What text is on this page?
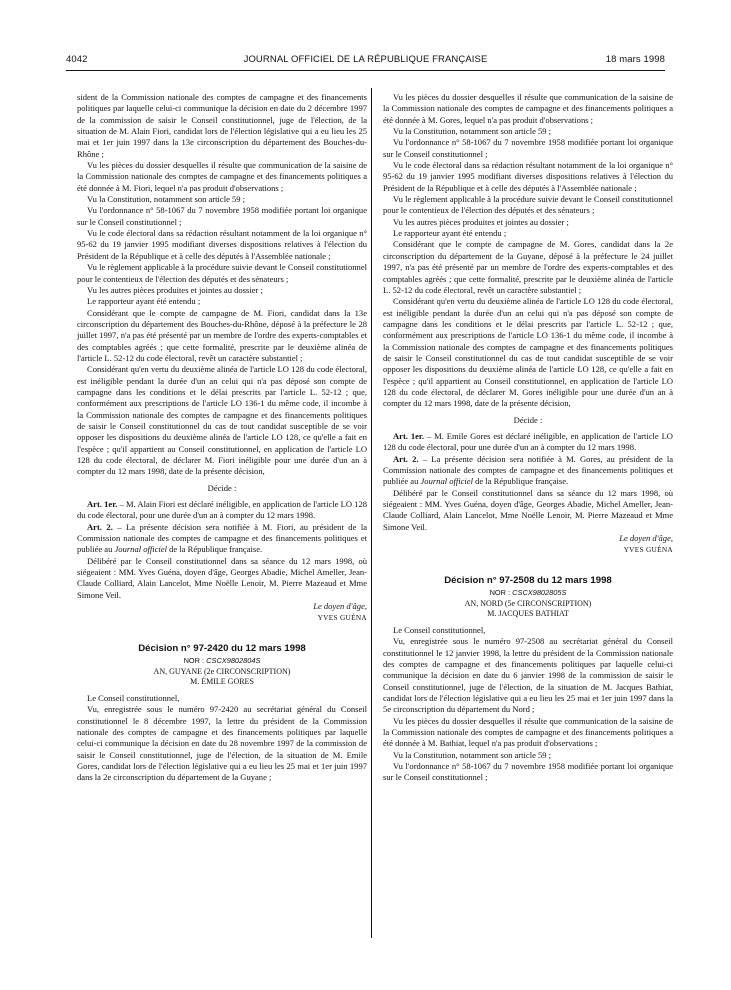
4042	JOURNAL OFFICIEL DE LA RÉPUBLIQUE FRANÇAISE	18 mars 1998

sident de la Commission nationale des comptes de campagne et des financements politiques par laquelle celui-ci communique la décision en date du 2 décembre 1997 de la commission de saisir le Conseil constitutionnel, juge de l'élection, de la situation de M. Alain Fiori, candidat lors de l'élection législative qui a eu lieu les 25 mai et 1er juin 1997 dans la 13e circonscription du département des Bouches-du-Rhône ;

Vu les pièces du dossier desquelles il résulte que communication de la saisine de la Commission nationale des comptes de campagne et des financements politiques a été donnée à M. Fiori, lequel n'a pas produit d'observations ;

Vu la Constitution, notamment son article 59 ;

Vu l'ordonnance n° 58-1067 du 7 novembre 1958 modifiée portant loi organique sur le Conseil constitutionnel ;

Vu le code électoral dans sa rédaction résultant notamment de la loi organique n° 95-62 du 19 janvier 1995 modifiant diverses dispositions relatives à l'élection du Président de la République et à celle des députés à l'Assemblée nationale ;

Vu le règlement applicable à la procédure suivie devant le Conseil constitutionnel pour le contentieux de l'élection des députés et des sénateurs ;

Vu les autres pièces produites et jointes au dossier ;

Le rapporteur ayant été entendu ;

Considérant que le compte de campagne de M. Fiori, candidat dans la 13e circonscription du département des Bouches-du-Rhône, déposé à la préfecture le 28 juillet 1997, n'a pas été présenté par un membre de l'ordre des experts-comptables et des comptables agréés ; que cette formalité, prescrite par le deuxième alinéa de l'article L. 52-12 du code électoral, revêt un caractère substantiel ;

Considérant qu'en vertu du deuxième alinéa de l'article LO 128 du code électoral, est inéligible pendant la durée d'un an celui qui n'a pas déposé son compte de campagne dans les conditions et le délai prescrits par l'article L. 52-12 ; que, conformément aux prescriptions de l'article LO 136-1 du même code, il incombe à la Commission nationale des comptes de campagne et des financements politiques de saisir le Conseil constitutionnel du cas de tout candidat susceptible de se voir opposer les dispositions du deuxième alinéa de l'article LO 128, ce qu'elle a fait en l'espèce ; qu'il appartient au Conseil constitutionnel, en application de l'article LO 128 du code électoral, de déclarer M. Fiori inéligible pour une durée d'un an à compter du 12 mars 1998, date de la présente décision,

Décide :

Art. 1er. – M. Alain Fiori est déclaré inéligible, en application de l'article LO 128 du code électoral, pour une durée d'un an à compter du 12 mars 1998.

Art. 2. – La présente décision sera notifiée à M. Fiori, au président de la Commission nationale des comptes de campagne et des financements politiques et publiée au Journal officiel de la République française.

Délibéré par le Conseil constitutionnel dans sa séance du 12 mars 1998, où siégeaient : MM. Yves Guéna, doyen d'âge, Georges Abadie, Michel Ameller, Jean-Claude Colliard, Alain Lancelot, Mme Noëlle Lenoir, M. Pierre Mazeaud et Mme Simone Veil.

Le doyen d'âge,

YVES GUÉNA

Décision n° 97-2420 du 12 mars 1998

NOR : CSCX9802804S

AN, GUYANE (2e CIRCONSCRIPTION)

M. ÉMILE GORES

Le Conseil constitutionnel,

Vu, enregistrée sous le numéro 97-2420 au secrétariat général du Conseil constitutionnel le 8 décembre 1997, la lettre du président de la Commission nationale des comptes de campagne et des financements politiques par laquelle celui-ci communique la décision en date du 28 novembre 1997 de la commission de saisir le Conseil constitutionnel, juge de l'élection, de la situation de M. Emile Gores, candidat lors de l'élection législative qui a eu lieu les 25 mai et 1er juin 1997 dans la 2e circonscription du département de la Guyane ;

Vu les pièces du dossier desquelles il résulte que communication de la saisine de la Commission nationale des comptes de campagne et des financements politiques a été donnée à M. Gores, lequel n'a pas produit d'observations ;

Vu la Constitution, notamment son article 59 ;

Vu l'ordonnance n° 58-1067 du 7 novembre 1958 modifiée portant loi organique sur le Conseil constitutionnel ;

Vu le code électoral dans sa rédaction résultant notamment de la loi organique n° 95-62 du 19 janvier 1995 modifiant diverses dispositions relatives à l'élection du Président de la République et à celle des députés à l'Assemblée nationale ;

Vu le règlement applicable à la procédure suivie devant le Conseil constitutionnel pour le contentieux de l'élection des députés et des sénateurs ;

Vu les autres pièces produites et jointes au dossier ;

Le rapporteur ayant été entendu ;

Considérant que le compte de campagne de M. Gores, candidat dans la 2e circonscription du département de la Guyane, déposé à la préfecture le 24 juillet 1997, n'a pas été présenté par un membre de l'ordre des experts-comptables et des comptables agréés ; que cette formalité, prescrite par le deuxième alinéa de l'article L. 52-12 du code électoral, revêt un caractère substantiel ;

Considérant qu'en vertu du deuxième alinéa de l'article LO 128 du code électoral, est inéligible pendant la durée d'un an celui qui n'a pas déposé son compte de campagne dans les conditions et le délai prescrits par l'article L. 52-12 ; que, conformément aux prescriptions de l'article LO 136-1 du même code, il incombe à la Commission nationale des comptes de campagne et des financements politiques de saisir le Conseil constitutionnel du cas de tout candidat susceptible de se voir opposer les dispositions du deuxième alinéa de l'article LO 128, ce qu'elle a fait en l'espèce ; qu'il appartient au Conseil constitutionnel, en application de l'article LO 128 du code électoral, de déclarer M. Gores inéligible pour une durée d'un an à compter du 12 mars 1998, date de la présente décision,

Décide :

Art. 1er. – M. Emile Gores est déclaré inéligible, en application de l'article LO 128 du code électoral, pour une durée d'un an à compter du 12 mars 1998.

Art. 2. – La présente décision sera notifiée à M. Gores, au président de la Commission nationale des comptes de campagne et des financements politiques et publiée au Journal officiel de la République française.

Délibéré par le Conseil constitutionnel dans sa séance du 12 mars 1998, où siégeaient : MM. Yves Guéna, doyen d'âge, Georges Abadie, Michel Ameller, Jean-Claude Colliard, Alain Lancelot, Mme Noëlle Lenoir, M. Pierre Mazeaud et Mme Simone Veil.

Le doyen d'âge,

YVES GUÉNA

Décision n° 97-2508 du 12 mars 1998

NOR : CSCX9802805S

AN, NORD (5e CIRCONSCRIPTION)

M. JACQUES BATHIAT

Le Conseil constitutionnel,

Vu, enregistrée sous le numéro 97-2508 au secrétariat général du Conseil constitutionnel le 12 janvier 1998, la lettre du président de la Commission nationale des comptes de campagne et des financements politiques par laquelle celui-ci communique la décision en date du 6 janvier 1998 de la commission de saisir le Conseil constitutionnel, juge de l'élection, de la situation de M. Jacques Bathiat, candidat lors de l'élection législative qui a eu lieu les 25 mai et 1er juin 1997 dans la 5e circonscription du département du Nord ;

Vu les pièces du dossier desquelles il résulte que communication de la saisine de la Commission nationale des comptes de campagne et des financements politiques a été donnée à M. Bathiat, lequel n'a pas produit d'observations ;

Vu la Constitution, notamment son article 59 ;

Vu l'ordonnance n° 58-1067 du 7 novembre 1958 modifiée portant loi organique sur le Conseil constitutionnel ;
